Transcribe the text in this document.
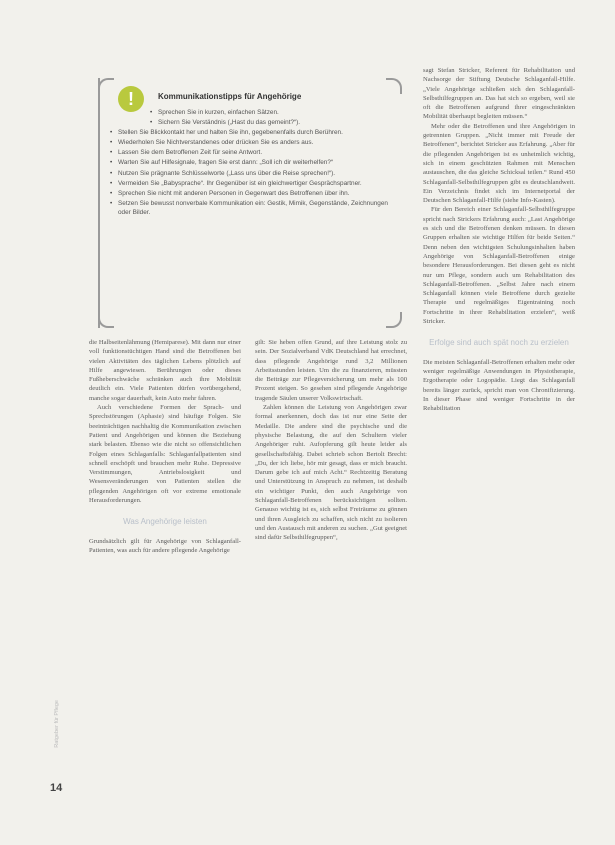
!	Kommunikationstipps für Angehörige
• Sprechen Sie in kurzen, einfachen Sätzen.
• Sichern Sie Verständnis („Hast du das gemeint?“).
• Stellen Sie Blickkontakt her und halten Sie ihn, gegebenenfalls durch Berühren.
• Wiederholen Sie Nichtverstandenes oder drücken Sie es anders aus.
• Lassen Sie dem Betroffenen Zeit für seine Antwort.
• Warten Sie auf Hilfesignale, fragen Sie erst dann: „Soll ich dir weiterhelfen?“
• Nutzen Sie prägnante Schlüsselworte („Lass uns über die Reise sprechen!“).
• Vermeiden Sie „Babysprache“. Ihr Gegenüber ist ein gleichwertiger Gesprächspartner.
• Sprechen Sie nicht mit anderen Personen in Gegenwart des Betroffenen über ihn.
• Setzen Sie bewusst nonverbale Kommunikation ein: Gestik, Mimik, Gegenstände, Zeichnungen oder Bilder.

die Halbseitenlähmung (Hemiparese). Mit dann nur einer voll funktionstüchtigen Hand sind die Betroffenen bei vielen Aktivitäten des täglichen Lebens plötzlich auf Hilfe angewiesen. Berührungen oder dieses Fußheberschwäche schränken auch ihre Mobilität deutlich ein. Viele Patienten dürfen vorübergehend, manche sogar dauerhaft, kein Auto mehr fahren.

Auch verschiedene Formen der Sprach- und Sprechstörungen (Aphasie) sind häufige Folgen. Sie beeinträchtigen nachhaltig die Kommunikation zwischen Patient und Angehörigen und können die Beziehung stark belasten. Ebenso wie die nicht so offensichtlichen Folgen eines Schlaganfalls: Schlaganfallpatienten sind schnell erschöpft und brauchen mehr Ruhe. Depressive Verstimmungen, Antriebslosigkeit und Wesensveränderungen von Patienten stellen die pflegenden Angehörigen oft vor extreme emotionale Herausforderungen.

Was Angehörige leisten

Grundsätzlich gilt für Angehörige von Schlaganfall-Patienten, was auch für andere pflegende Angehörige

gilt: Sie heben offen Grund, auf ihre Leistung stolz zu sein. Der Sozialverband VdK Deutschland hat errechnet, dass pflegende Angehörige rund 3,2 Millionen Arbeitsstunden leisten. Um die zu finanzieren, müssten die Beiträge zur Pflegeversicherung um mehr als 100 Prozent steigen. So gesehen sind pflegende Angehörige tragende Säulen unserer Volkswirtschaft.

Zahlen können die Leistung von Angehörigen zwar formal anerkennen, doch das ist nur eine Seite der Medaille. Die andere sind die psychische und die physische Belastung, die auf den Schultern vieler Angehöriger ruht. Aufopferung gilt heute leider als gesellschaftsfähig. Dabei schrieb schon Bertolt Brecht: „Du, der ich liebe, hör mir gesagt, dass er mich braucht. Darum gebe ich auf mich Acht.“ Rechtzeitig Beratung und Unterstützung in Anspruch zu nehmen, ist deshalb ein wichtiger Punkt, den auch Angehörige von Schlaganfall-Betroffenen berücksichtigen sollten. Genauso wichtig ist es, sich selbst Freiräume zu gönnen und ihren Ausgleich zu schaffen, sich nicht zu isolieren und den Austausch mit anderen zu suchen. „Gut geeignet sind dafür Selbsthilfegruppen“,

sagt Stefan Stricker, Referent für Rehabilitation und Nachsorge der Stiftung Deutsche Schlaganfall-Hilfe. „Viele Angehörige schließen sich den Schlaganfall-Selbsthilfegruppen an. Das hat sich so ergeben, weil sie oft die Betroffenen aufgrund ihrer eingeschränkten Mobilität überhaupt begleiten müssen.“

Mehr oder die Betroffenen und ihre Angehörigen in getrennten Gruppen. „Nicht immer mit Freude der Betroffenen“, berichtet Stricker aus Erfahrung. „Aber für die pflegenden Angehörigen ist es unheimlich wichtig, sich in einem geschützten Rahmen mit Menschen austauschen, die das gleiche Schicksal teilen.“ Rund 450 Schlaganfall-Selbsthilfegruppen gibt es deutschlandweit. Ein Verzeichnis findet sich im Internetportal der Deutschen Schlaganfall-Hilfe (siehe Info-Kasten).

Für den Bereich einer Schlaganfall-Selbsthilfegruppe spricht nach Strickers Erfahrung auch: „Last Angehörige es sich und die Betroffenen denken müssen. In diesen Gruppen erhalten sie wichtige Hilfen für beide Seiten.“ Denn neben den wichtigsten Schulungsinhalten haben Angehörige von Schlaganfall-Betroffenen einige besondere Herausforderungen. Bei diesen geht es nicht nur um Pflege, sondern auch um Rehabilitation des Schlaganfall-Betroffenen. „Selbst Jahre nach einem Schlaganfall können viele Betroffene durch gezielte Therapie und regelmäßiges Eigentraining noch Fortschritte in ihrer Rehabilitation erzielen“, weiß Stricker.

Erfolge sind auch spät noch zu erzielen

Die meisten Schlaganfall-Betroffenen erhalten mehr oder weniger regelmäßige Anwendungen in Physiotherapie, Ergotherapie oder Logopädie. Liegt das Schlaganfall bereits länger zurück, spricht man von Chronifizierung. In dieser Phase sind weniger Fortschritte in der Rehabilitation

Ratgeber für Pflege
14
